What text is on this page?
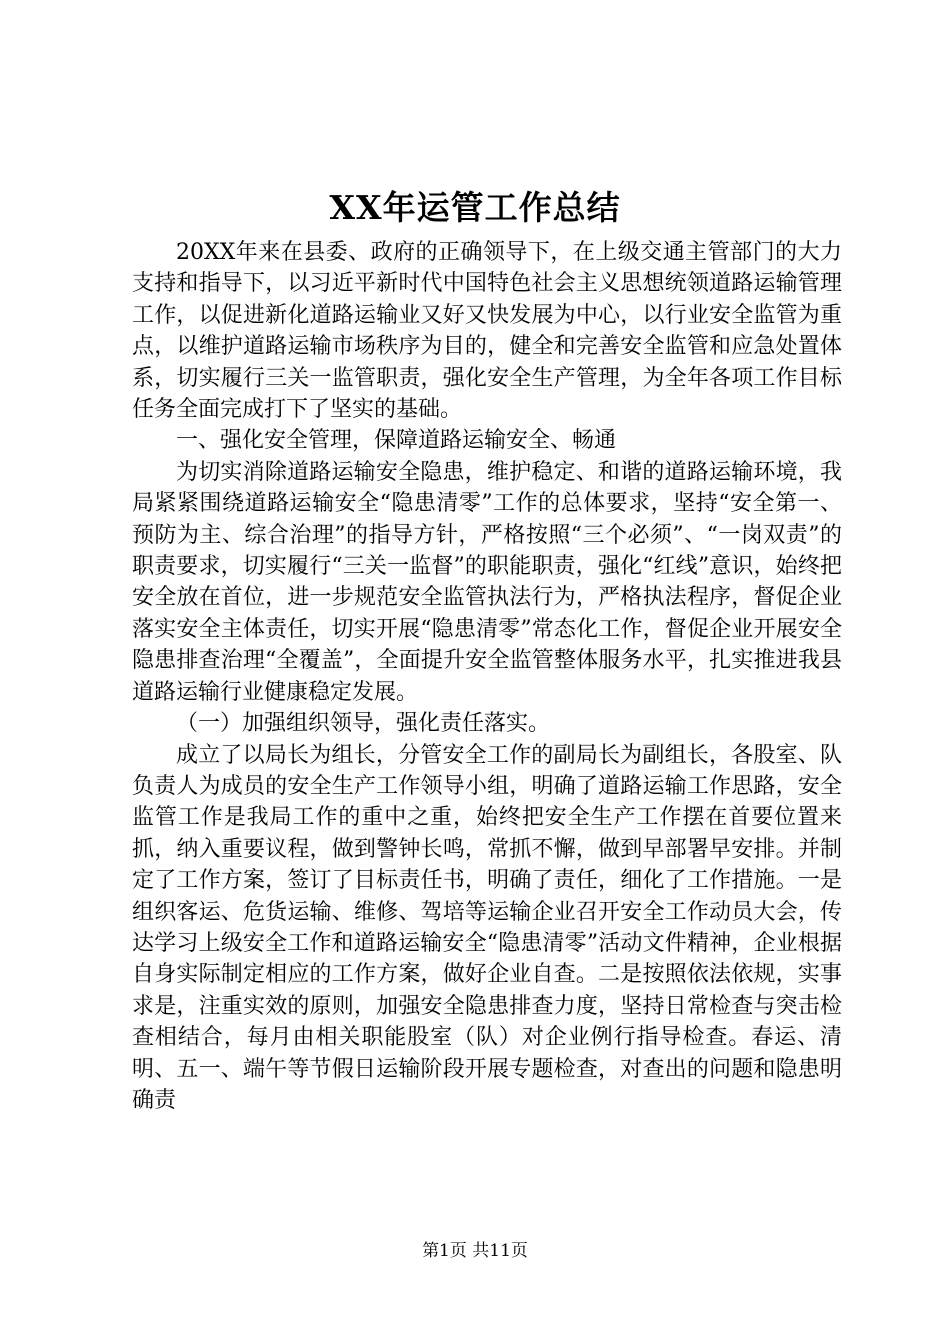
XX年运管工作总结

20XX年来在县委、政府的正确领导下，在上级交通主管部门的大力支持和指导下，以习近平新时代中国特色社会主义思想统领道路运输管理工作，以促进新化道路运输业又好又快发展为中心，以行业安全监管为重点，以维护道路运输市场秩序为目的，健全和完善安全监管和应急处置体系，切实履行三关一监管职责，强化安全生产管理，为全年各项工作目标任务全面完成打下了坚实的基础。

一、强化安全管理，保障道路运输安全、畅通

为切实消除道路运输安全隐患，维护稳定、和谐的道路运输环境，我局紧紧围绕道路运输安全“隐患清零”工作的总体要求，坚持“安全第一、预防为主、综合治理”的指导方针，严格按照“三个必须”、“一岗双责”的职责要求，切实履行“三关一监督”的职能职责，强化“红线”意识，始终把安全放在首位，进一步规范安全监管执法行为，严格执法程序，督促企业落实安全主体责任，切实开展“隐患清零”常态化工作，督促企业开展安全隐患排查治理“全覆盖”，全面提升安全监管整体服务水平，扎实推进我县道路运输行业健康稳定发展。

（一）加强组织领导，强化责任落实。

成立了以局长为组长，分管安全工作的副局长为副组长，各股室、队负责人为成员的安全生产工作领导小组，明确了道路运输工作思路，安全监管工作是我局工作的重中之重，始终把安全生产工作摆在首要位置来抓，纳入重要议程，做到警钟长鸣，常抓不懈，做到早部署早安排。并制定了工作方案，签订了目标责任书，明确了责任，细化了工作措施。一是组织客运、危货运输、维修、驾培等运输企业召开安全工作动员大会，传达学习上级安全工作和道路运输安全“隐患清零”活动文件精神，企业根据自身实际制定相应的工作方案，做好企业自查。二是按照依法依规，实事求是，注重实效的原则，加强安全隐患排查力度，坚持日常检查与突击检查相结合，每月由相关职能股室（队）对企业例行指导检查。春运、清明、五一、端午等节假日运输阶段开展专题检查，对查出的问题和隐患明确责

第1页 共11页
